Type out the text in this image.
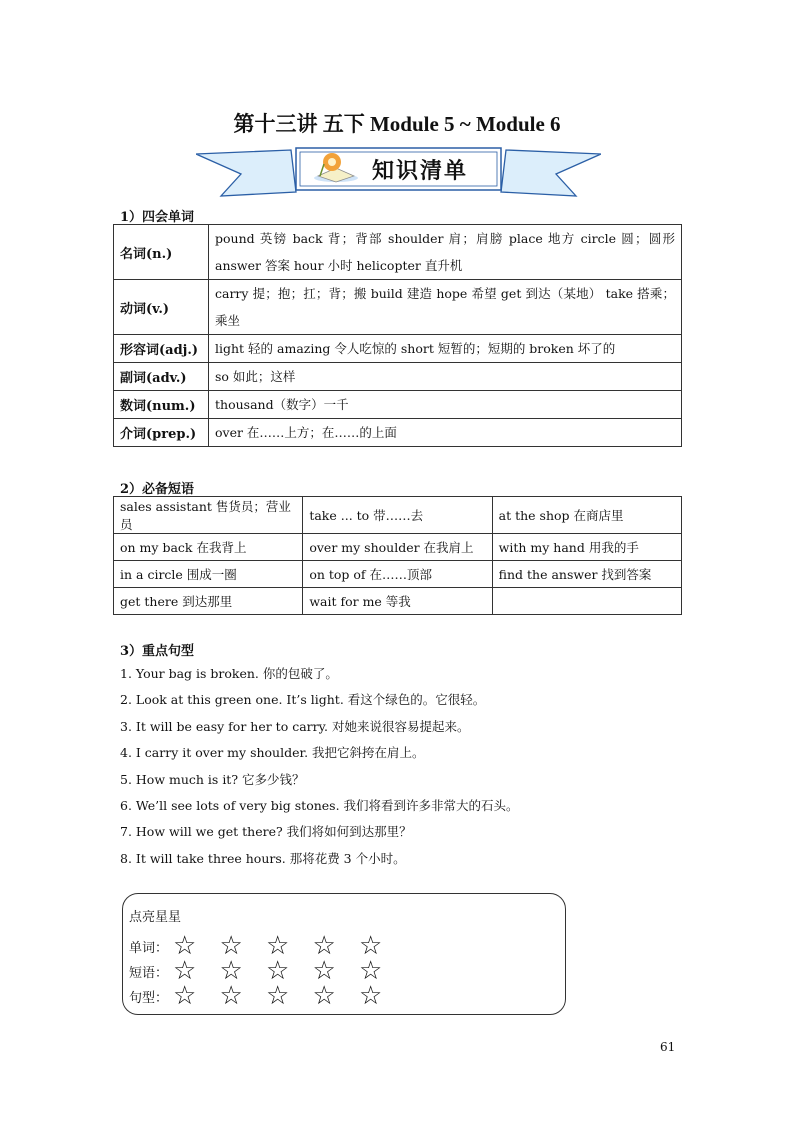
第十三讲 五下 Module 5 ~ Module 6
知识清单
1）四会单词
名词(n.)	pound 英镑 back 背；背部 shoulder 肩；肩膀 place 地方 circle 圆；圆形 answer 答案 hour 小时 helicopter 直升机
动词(v.)	carry 提；抱；扛；背；搬 build 建造 hope 希望 get 到达（某地） take 搭乘；乘坐
形容词(adj.)	light 轻的 amazing 令人吃惊的 short 短暂的；短期的 broken 坏了的
副词(adv.)	so 如此；这样
数词(num.)	thousand（数字）一千
介词(prep.)	over 在……上方；在……的上面
2）必备短语
sales assistant 售货员；营业员	take ... to 带……去	at the shop 在商店里
on my back 在我背上	over my shoulder 在我肩上	with my hand 用我的手
in a circle 围成一圈	on top of 在……顶部	find the answer 找到答案
get there 到达那里	wait for me 等我	
3）重点句型
1. Your bag is broken. 你的包破了。
2. Look at this green one. It’s light. 看这个绿色的。它很轻。
3. It will be easy for her to carry. 对她来说很容易提起来。
4. I carry it over my shoulder. 我把它斜挎在肩上。
5. How much is it? 它多少钱？
6. We’ll see lots of very big stones. 我们将看到许多非常大的石头。
7. How will we get there? 我们将如何到达那里？
8. It will take three hours. 那将花费 3 个小时。
点亮星星
单词： ☆ ☆ ☆ ☆ ☆
短语： ☆ ☆ ☆ ☆ ☆
句型： ☆ ☆ ☆ ☆ ☆
61
